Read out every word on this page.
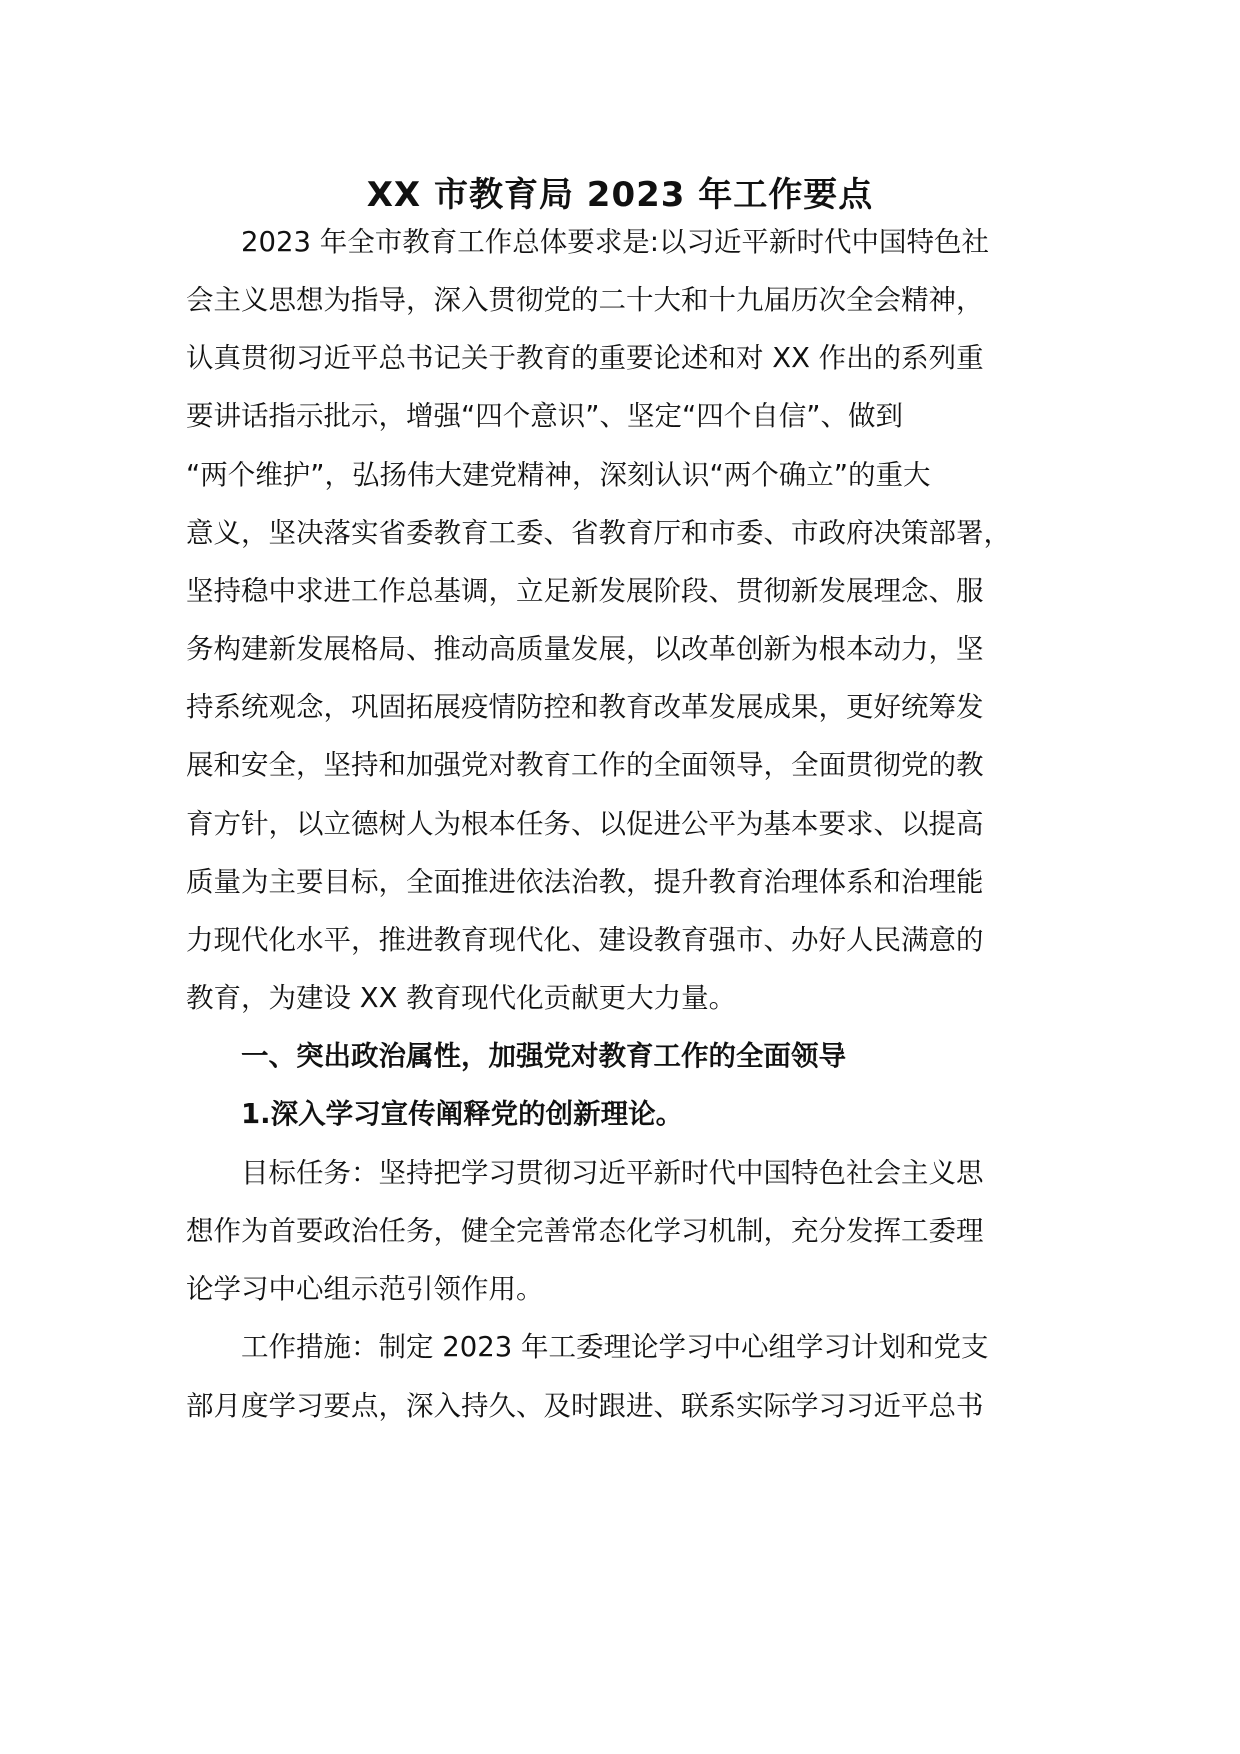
XX 市教育局 2023 年工作要点
　　2023 年全市教育工作总体要求是:以习近平新时代中国特色社
会主义思想为指导，深入贯彻党的二十大和十九届历次全会精神，
认真贯彻习近平总书记关于教育的重要论述和对 XX 作出的系列重
要讲话指示批示，增强“四个意识”、坚定“四个自信”、做到
“两个维护”，弘扬伟大建党精神，深刻认识“两个确立”的重大
意义，坚决落实省委教育工委、省教育厅和市委、市政府决策部署，
坚持稳中求进工作总基调，立足新发展阶段、贯彻新发展理念、服
务构建新发展格局、推动高质量发展，以改革创新为根本动力，坚
持系统观念，巩固拓展疫情防控和教育改革发展成果，更好统筹发
展和安全，坚持和加强党对教育工作的全面领导，全面贯彻党的教
育方针，以立德树人为根本任务、以促进公平为基本要求、以提高
质量为主要目标，全面推进依法治教，提升教育治理体系和治理能
力现代化水平，推进教育现代化、建设教育强市、办好人民满意的
教育，为建设 XX 教育现代化贡献更大力量。
　　一、突出政治属性，加强党对教育工作的全面领导
　　1.深入学习宣传阐释党的创新理论。
　　目标任务：坚持把学习贯彻习近平新时代中国特色社会主义思
想作为首要政治任务，健全完善常态化学习机制，充分发挥工委理
论学习中心组示范引领作用。
　　工作措施：制定 2023 年工委理论学习中心组学习计划和党支
部月度学习要点，深入持久、及时跟进、联系实际学习习近平总书
